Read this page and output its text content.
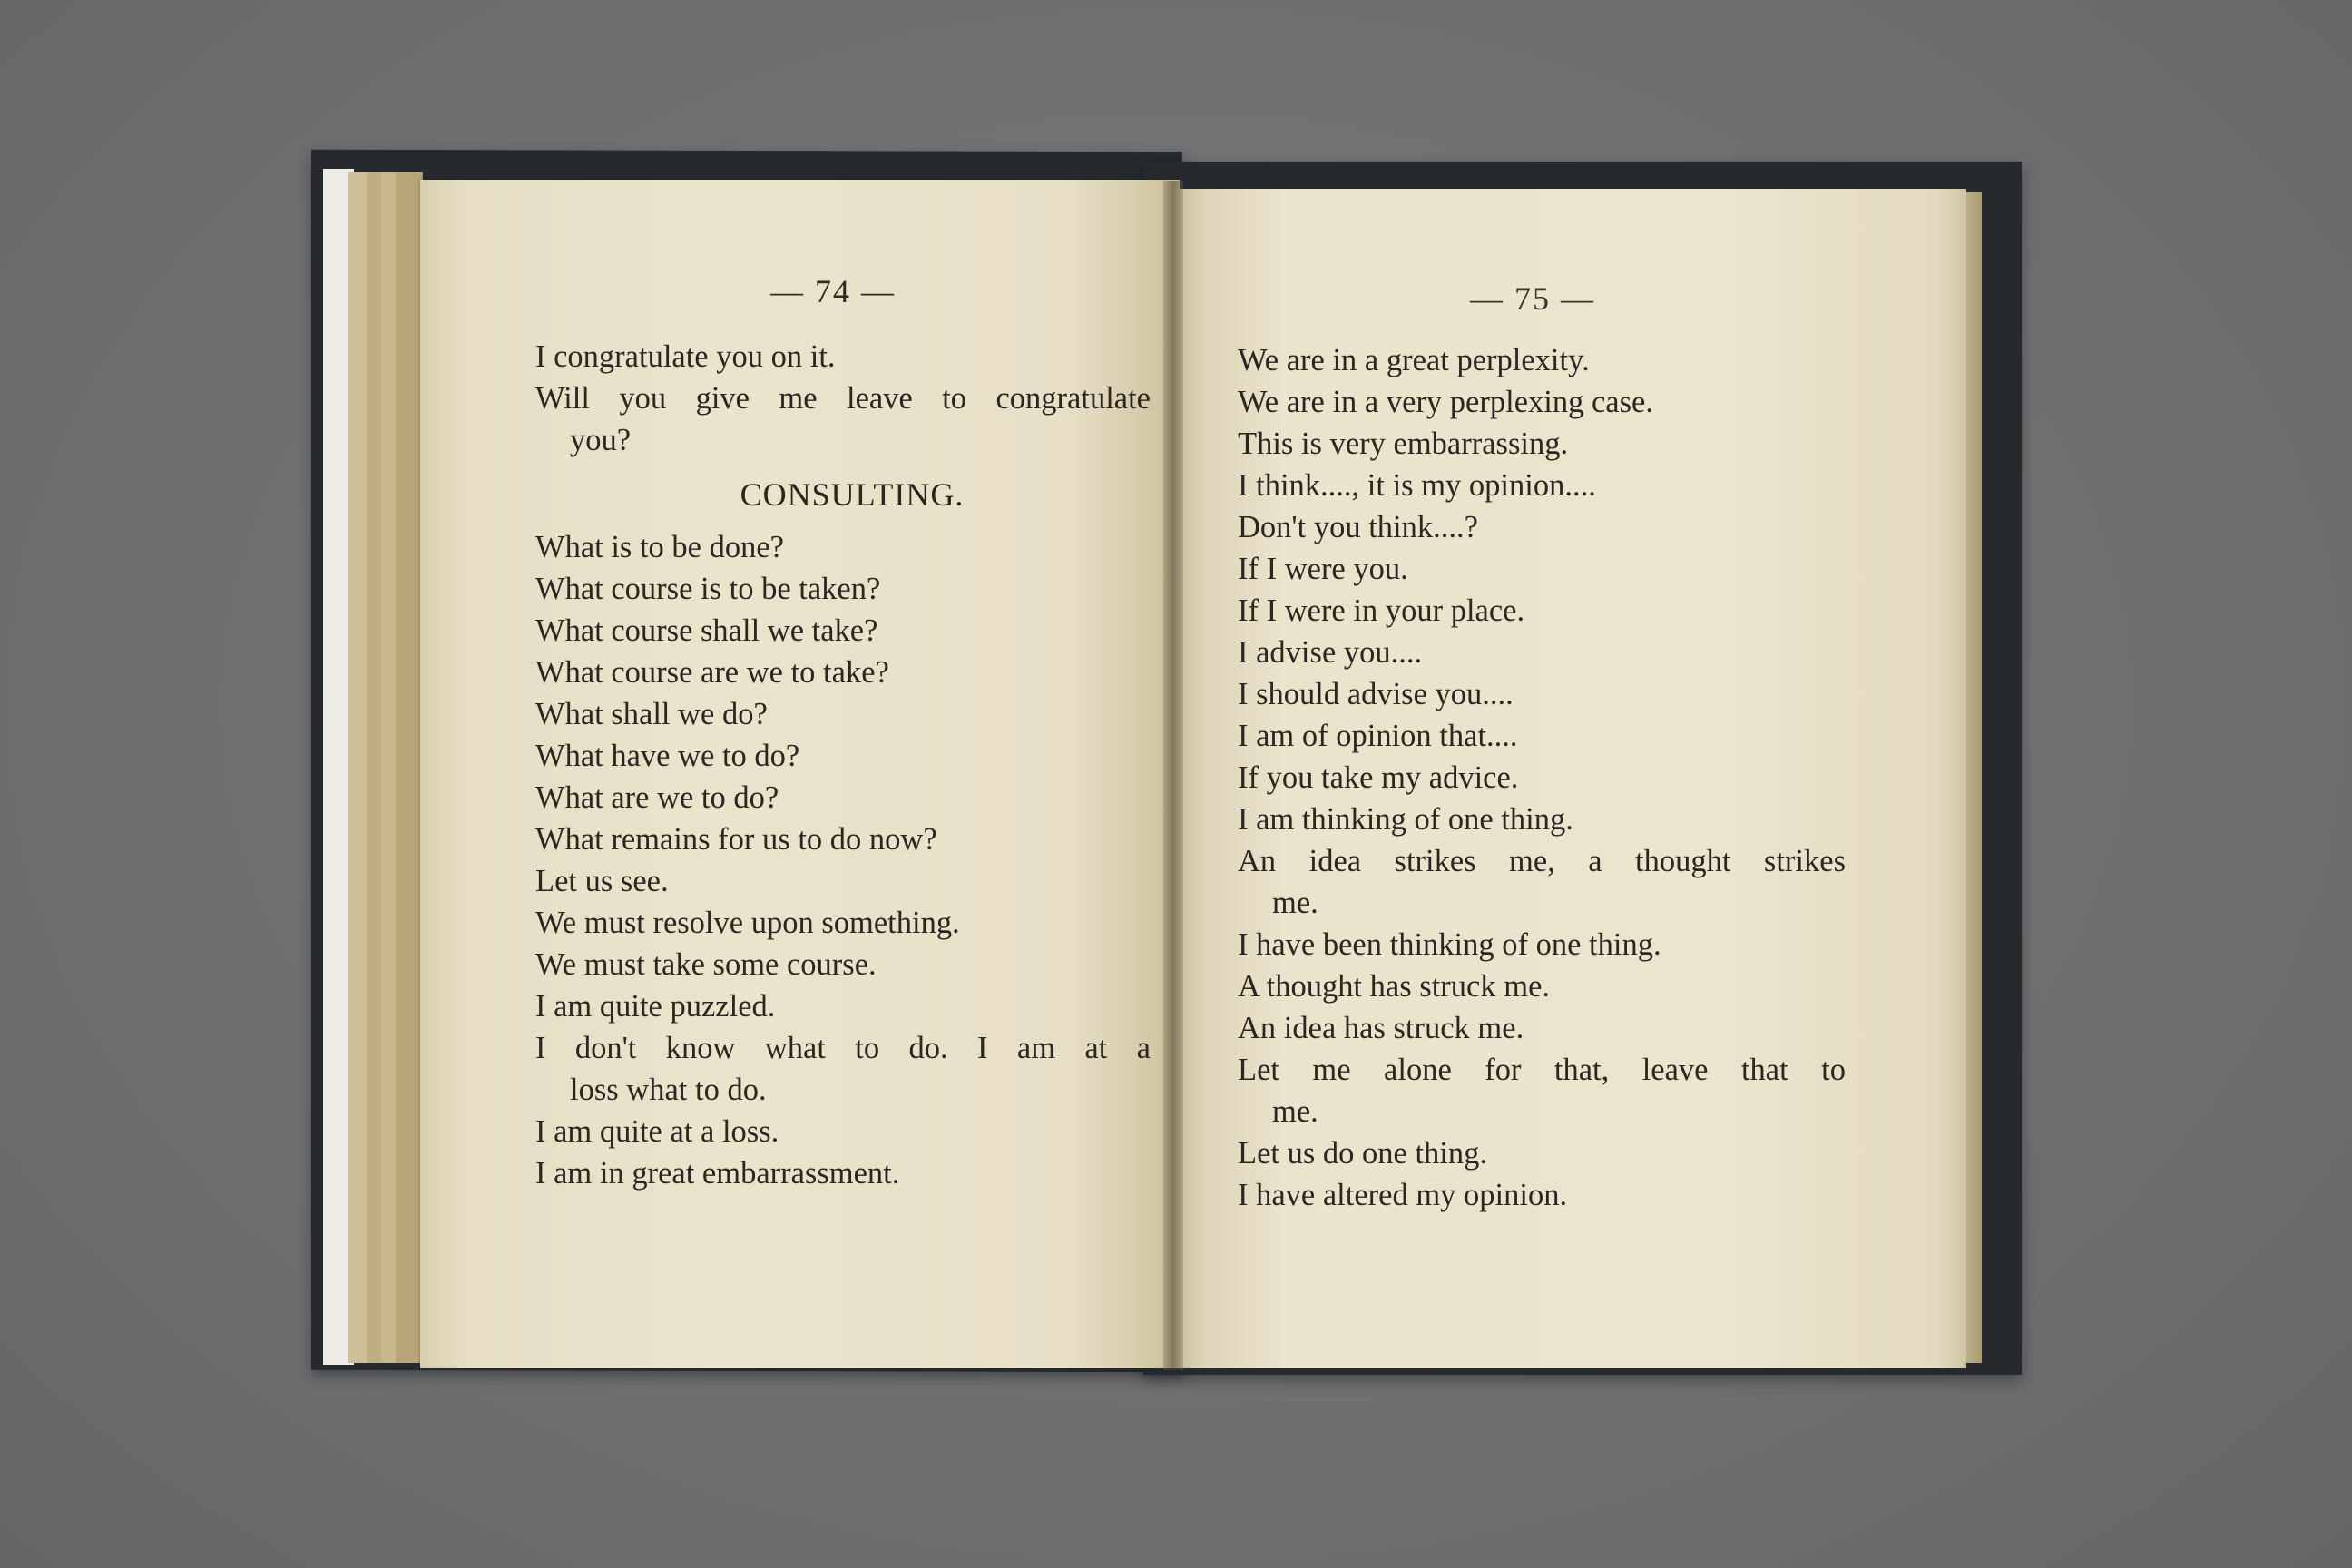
— 74 —	— 75 —
I congratulate you on it.
Will you give me leave to congratulate
you?
CONSULTING.
What is to be done?
What course is to be taken?
What course shall we take?
What course are we to take?
What shall we do?
What have we to do?
What are we to do?
What remains for us to do now?
Let us see.
We must resolve upon something.
We must take some course.
I am quite puzzled.
I don't know what to do. I am at a
loss what to do.
I am quite at a loss.
I am in great embarrassment.
We are in a great perplexity.
We are in a very perplexing case.
This is very embarrassing.
I think...., it is my opinion....
Don't you think....?
If I were you.
If I were in your place.
I advise you....
I should advise you....
I am of opinion that....
If you take my advice.
I am thinking of one thing.
An idea strikes me, a thought strikes
me.
I have been thinking of one thing.
A thought has struck me.
An idea has struck me.
Let me alone for that, leave that to
me.
Let us do one thing.
I have altered my opinion.
